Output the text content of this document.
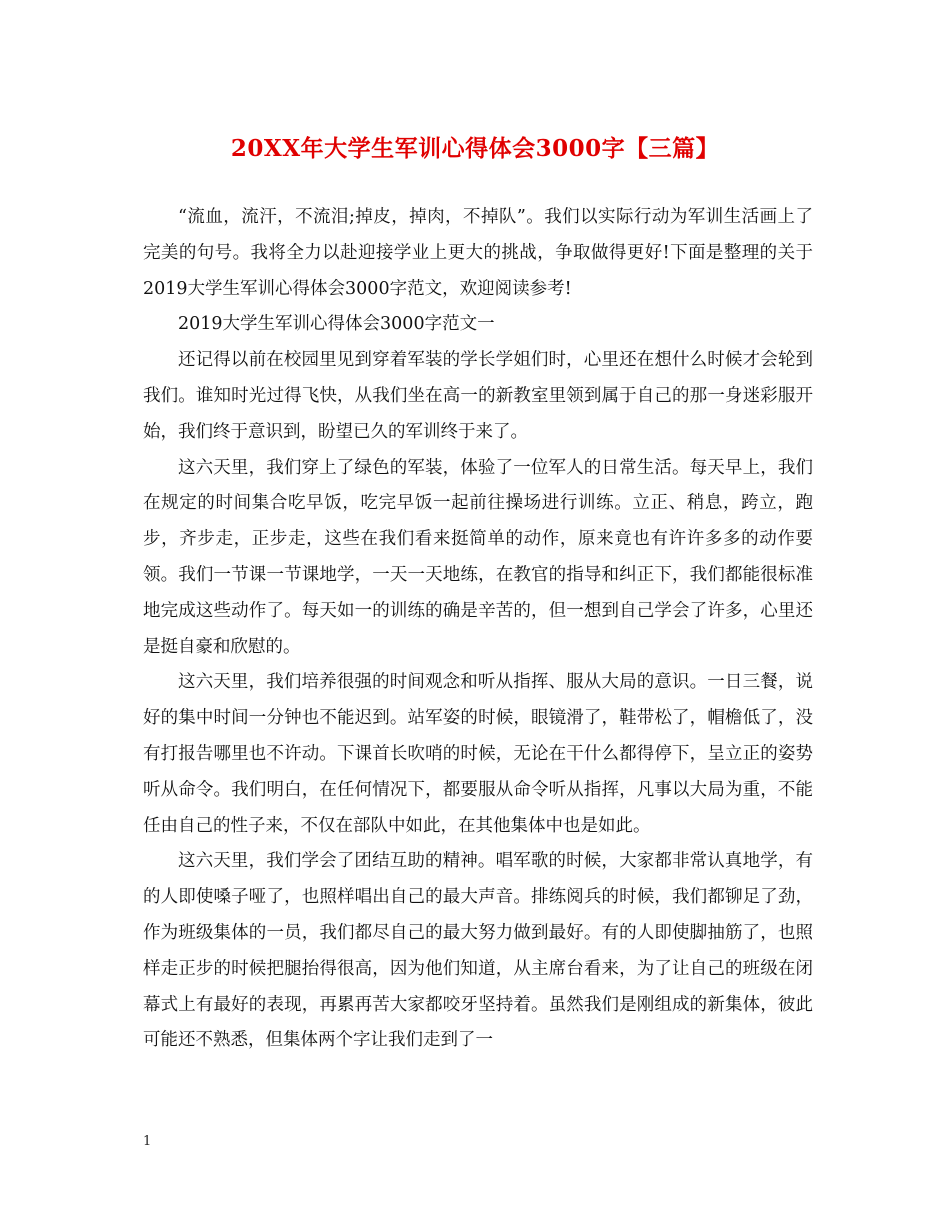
20XX年大学生军训心得体会3000字【三篇】

“流血，流汗，不流泪;掉皮，掉肉，不掉队”。我们以实际行动为军训生活画上了完美的句号。我将全力以赴迎接学业上更大的挑战，争取做得更好!下面是整理的关于2019大学生军训心得体会3000字范文，欢迎阅读参考!

2019大学生军训心得体会3000字范文一

还记得以前在校园里见到穿着军装的学长学姐们时，心里还在想什么时候才会轮到我们。谁知时光过得飞快，从我们坐在高一的新教室里领到属于自己的那一身迷彩服开始，我们终于意识到，盼望已久的军训终于来了。

这六天里，我们穿上了绿色的军装，体验了一位军人的日常生活。每天早上，我们在规定的时间集合吃早饭，吃完早饭一起前往操场进行训练。立正、稍息，跨立，跑步，齐步走，正步走，这些在我们看来挺简单的动作，原来竟也有许许多多的动作要领。我们一节课一节课地学，一天一天地练，在教官的指导和纠正下，我们都能很标准地完成这些动作了。每天如一的训练的确是辛苦的，但一想到自己学会了许多，心里还是挺自豪和欣慰的。

这六天里，我们培养很强的时间观念和听从指挥、服从大局的意识。一日三餐，说好的集中时间一分钟也不能迟到。站军姿的时候，眼镜滑了，鞋带松了，帽檐低了，没有打报告哪里也不许动。下课首长吹哨的时候，无论在干什么都得停下，呈立正的姿势听从命令。我们明白，在任何情况下，都要服从命令听从指挥，凡事以大局为重，不能任由自己的性子来，不仅在部队中如此，在其他集体中也是如此。

这六天里，我们学会了团结互助的精神。唱军歌的时候，大家都非常认真地学，有的人即使嗓子哑了，也照样唱出自己的最大声音。排练阅兵的时候，我们都铆足了劲，作为班级集体的一员，我们都尽自己的最大努力做到最好。有的人即使脚抽筋了，也照样走正步的时候把腿抬得很高，因为他们知道，从主席台看来，为了让自己的班级在闭幕式上有最好的表现，再累再苦大家都咬牙坚持着。虽然我们是刚组成的新集体，彼此可能还不熟悉，但集体两个字让我们走到了一

1
